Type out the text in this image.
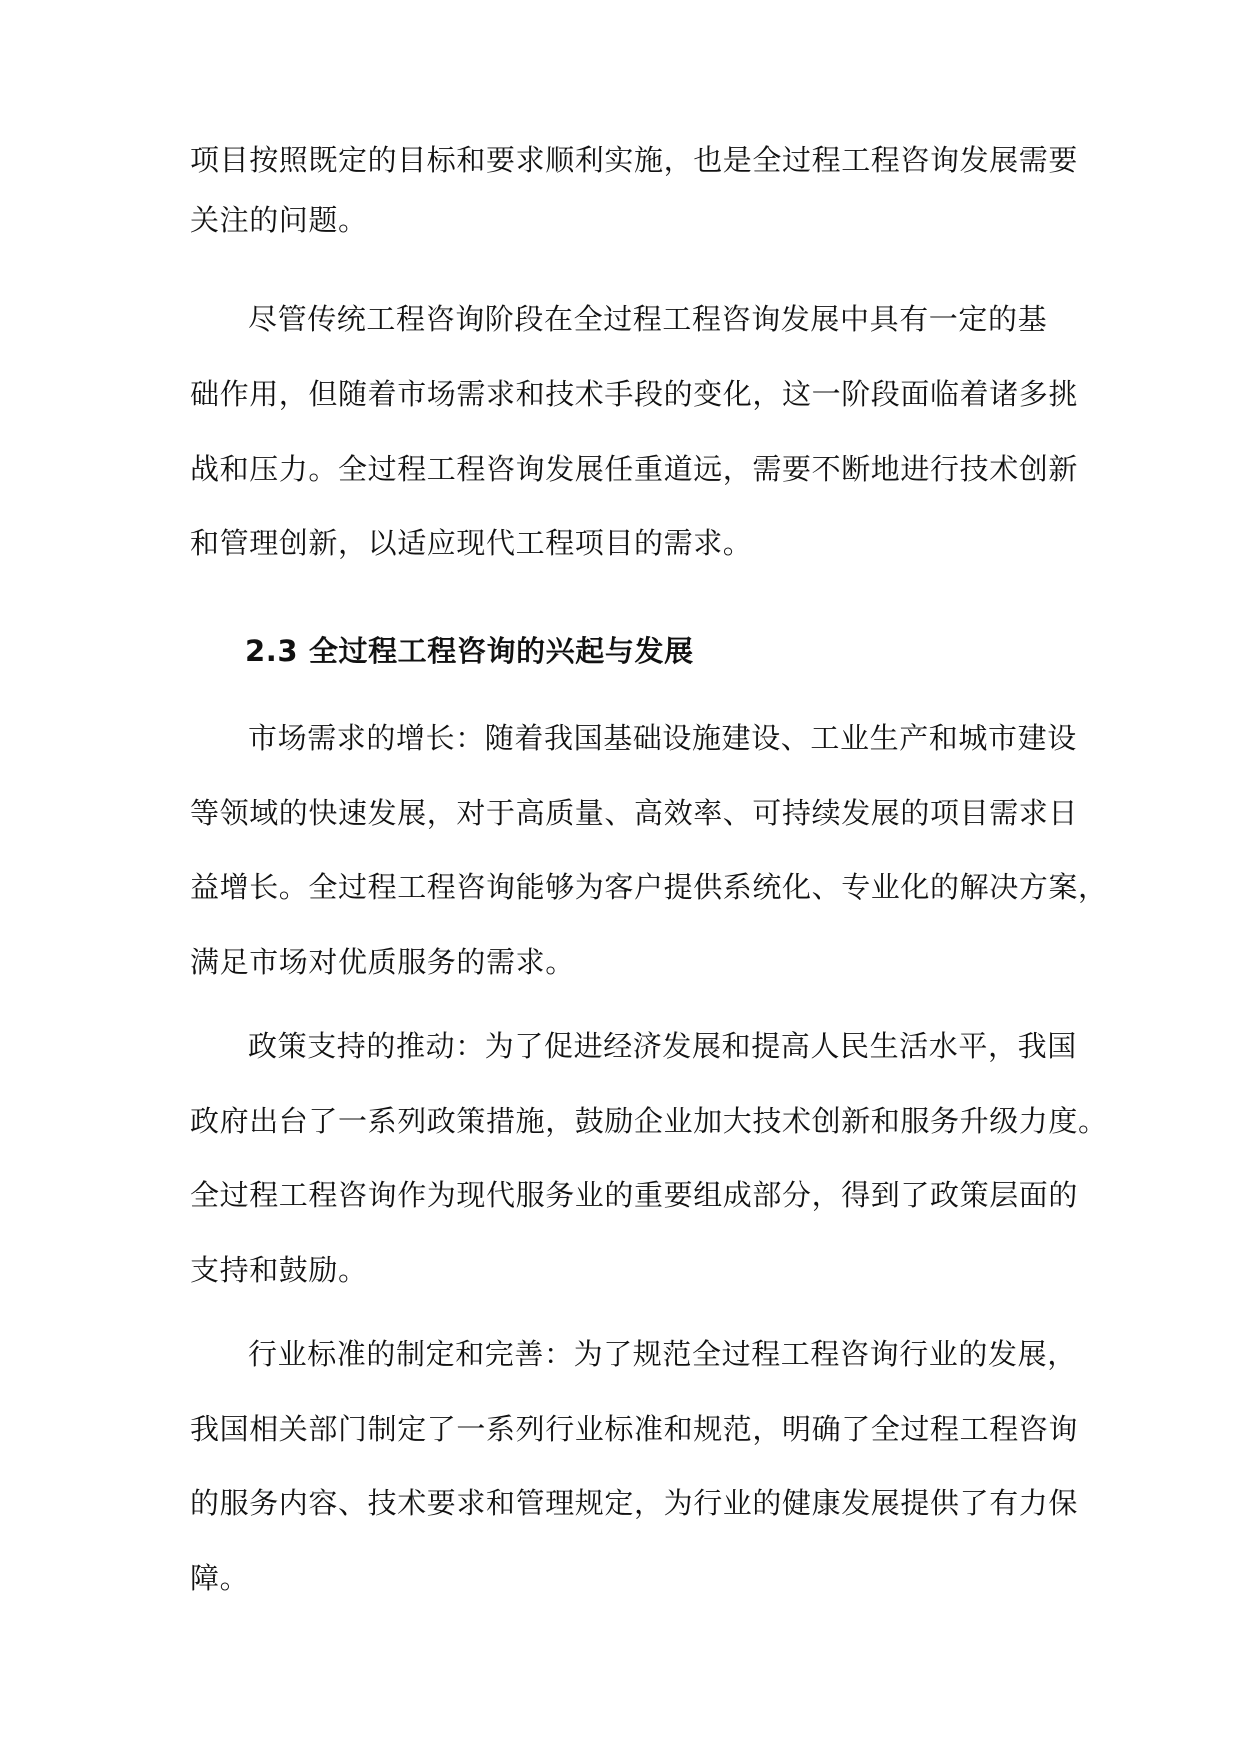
项目按照既定的目标和要求顺利实施，也是全过程工程咨询发展需要
关注的问题。
尽管传统工程咨询阶段在全过程工程咨询发展中具有一定的基
础作用，但随着市场需求和技术手段的变化，这一阶段面临着诸多挑
战和压力。全过程工程咨询发展任重道远，需要不断地进行技术创新
和管理创新，以适应现代工程项目的需求。
2.3 全过程工程咨询的兴起与发展
市场需求的增长：随着我国基础设施建设、工业生产和城市建设
等领域的快速发展，对于高质量、高效率、可持续发展的项目需求日
益增长。全过程工程咨询能够为客户提供系统化、专业化的解决方案，
满足市场对优质服务的需求。
政策支持的推动：为了促进经济发展和提高人民生活水平，我国
政府出台了一系列政策措施，鼓励企业加大技术创新和服务升级力度。
全过程工程咨询作为现代服务业的重要组成部分，得到了政策层面的
支持和鼓励。
行业标准的制定和完善：为了规范全过程工程咨询行业的发展，
我国相关部门制定了一系列行业标准和规范，明确了全过程工程咨询
的服务内容、技术要求和管理规定，为行业的健康发展提供了有力保
障。
